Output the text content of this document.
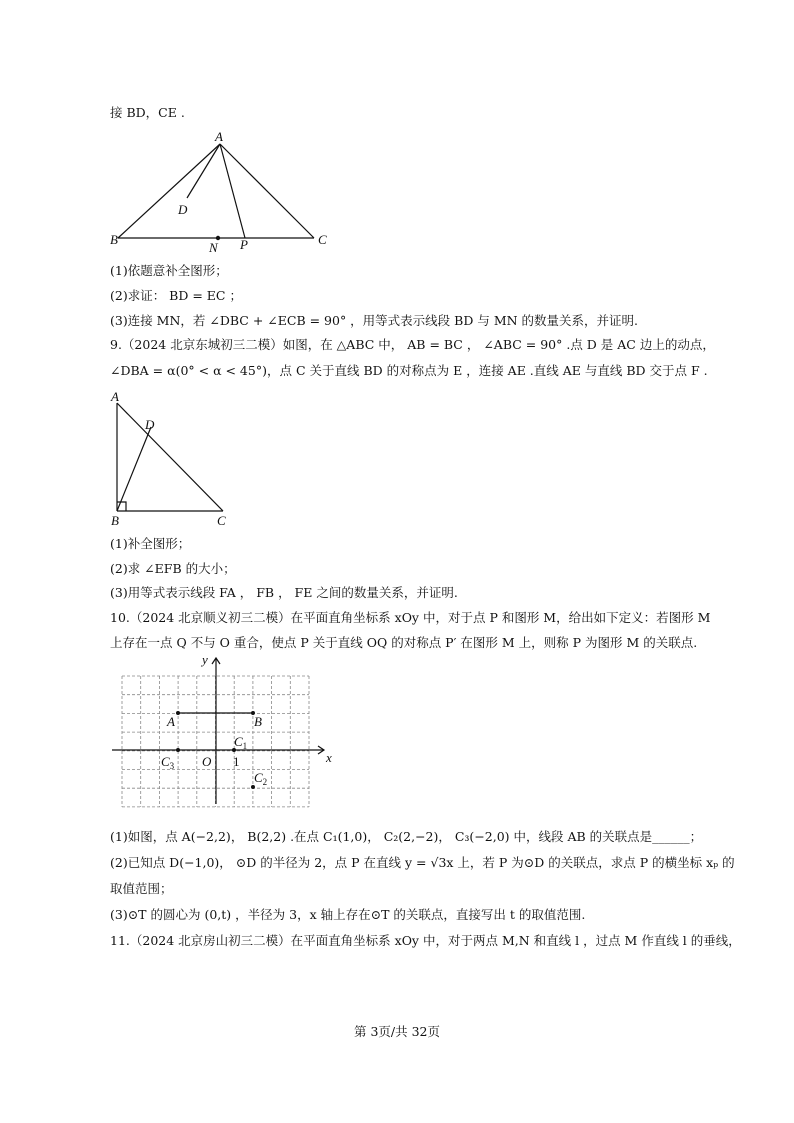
接 BD，CE .
A
B	C
D
N P
(1)依题意补全图形；
(2)求证： BD = EC ；
(3)连接 MN，若 ∠DBC + ∠ECB = 90° ，用等式表示线段 BD 与 MN 的数量关系，并证明.
9.（2024 北京东城初三二模）如图，在 △ABC 中， AB = BC ， ∠ABC = 90° .点 D 是 AC 边上的动点，
∠DBA = α(0° < α < 45°)，点 C 关于直线 BD 的对称点为 E ，连接 AE .直线 AE 与直线 BD 交于点 F .
A
D
B	C
(1)补全图形；
(2)求 ∠EFB 的大小；
(3)用等式表示线段 FA ， FB ， FE 之间的数量关系，并证明.
10.（2024 北京顺义初三二模）在平面直角坐标系 xOy 中，对于点 P 和图形 M，给出如下定义：若图形 M
上存在一点 Q 不与 O 重合，使点 P 关于直线 OQ 的对称点 P′ 在图形 M 上，则称 P 为图形 M 的关联点.
x
y
O
A	B
1
$C_1$
$C_2$
$C_3$
(1)如图，点 A(−2,2)， B(2,2) .在点 C₁(1,0)， C₂(2,−2)， C₃(−2,0) 中，线段 AB 的关联点是______；
(2)已知点 D(−1,0)， ⊙D 的半径为 2，点 P 在直线 y = √3x 上，若 P 为⊙D 的关联点，求点 P 的横坐标 xₚ 的
取值范围；
(3)⊙T 的圆心为 (0,t) ，半径为 3，x 轴上存在⊙T 的关联点，直接写出 t 的取值范围.
11.（2024 北京房山初三二模）在平面直角坐标系 xOy 中，对于两点 M,N 和直线 l ，过点 M 作直线 l 的垂线，
第 3页/共 32页
